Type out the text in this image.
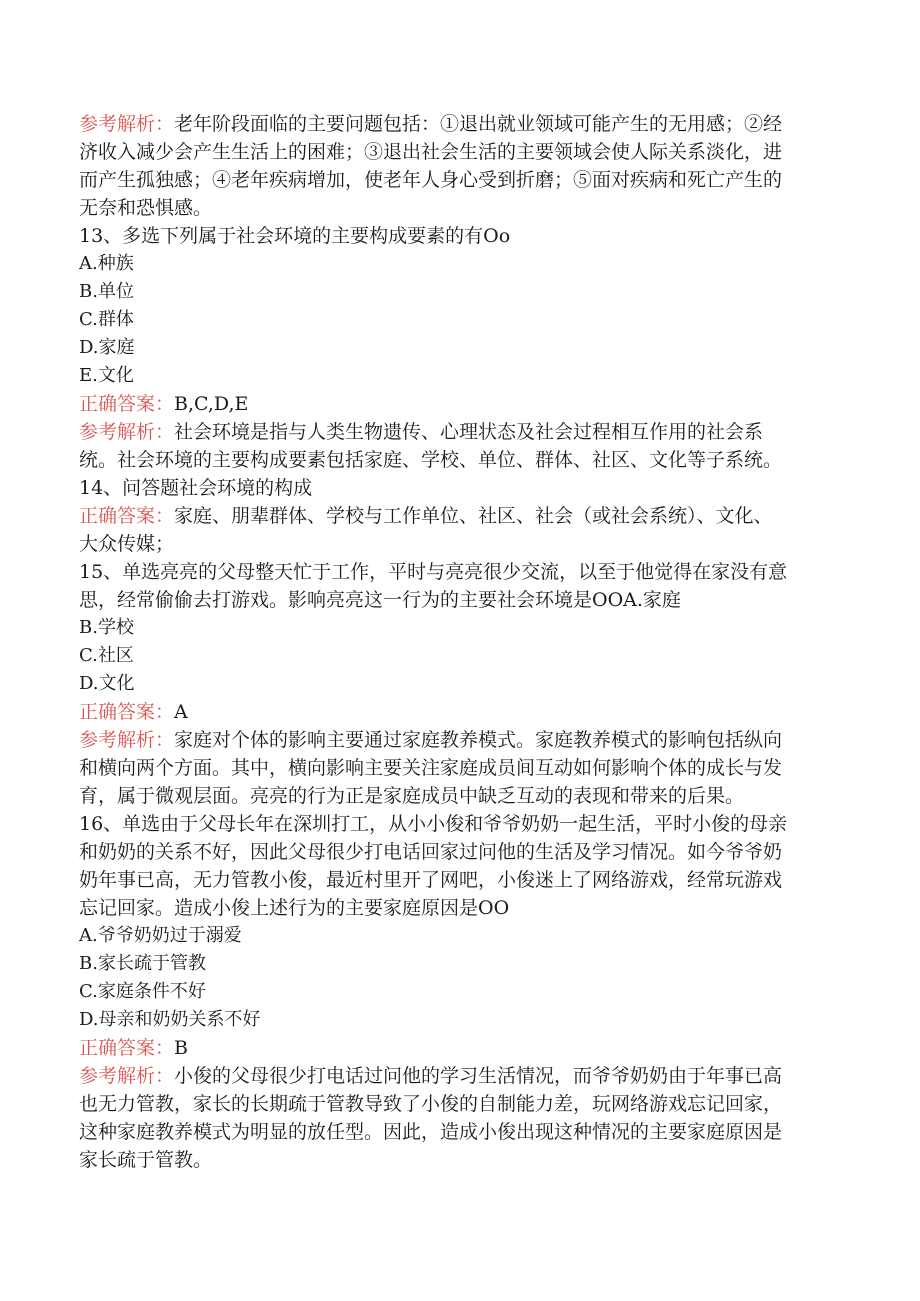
参考解析：老年阶段面临的主要问题包括：①退出就业领域可能产生的无用感；②经
济收入减少会产生生活上的困难；③退出社会生活的主要领域会使人际关系淡化，进
而产生孤独感；④老年疾病增加，使老年人身心受到折磨；⑤面对疾病和死亡产生的
无奈和恐惧感。
13、多选下列属于社会环境的主要构成要素的有Oo
A.种族
B.单位
C.群体
D.家庭
E.文化
正确答案：B,C,D,E
参考解析：社会环境是指与人类生物遗传、心理状态及社会过程相互作用的社会系
统。社会环境的主要构成要素包括家庭、学校、单位、群体、社区、文化等子系统。
14、问答题社会环境的构成
正确答案：家庭、朋辈群体、学校与工作单位、社区、社会（或社会系统）、文化、
大众传媒；
15、单选亮亮的父母整天忙于工作，平时与亮亮很少交流，以至于他觉得在家没有意
思，经常偷偷去打游戏。影响亮亮这一行为的主要社会环境是OOA.家庭
B.学校
C.社区
D.文化
正确答案：A
参考解析：家庭对个体的影响主要通过家庭教养模式。家庭教养模式的影响包括纵向
和横向两个方面。其中，横向影响主要关注家庭成员间互动如何影响个体的成长与发
育，属于微观层面。亮亮的行为正是家庭成员中缺乏互动的表现和带来的后果。
16、单选由于父母长年在深圳打工，从小小俊和爷爷奶奶一起生活，平时小俊的母亲
和奶奶的关系不好，因此父母很少打电话回家过问他的生活及学习情况。如今爷爷奶
奶年事已高，无力管教小俊，最近村里开了网吧，小俊迷上了网络游戏，经常玩游戏
忘记回家。造成小俊上述行为的主要家庭原因是OO
A.爷爷奶奶过于溺爱
B.家长疏于管教
C.家庭条件不好
D.母亲和奶奶关系不好
正确答案：B
参考解析：小俊的父母很少打电话过问他的学习生活情况，而爷爷奶奶由于年事已高
也无力管教，家长的长期疏于管教导致了小俊的自制能力差，玩网络游戏忘记回家，
这种家庭教养模式为明显的放任型。因此，造成小俊出现这种情况的主要家庭原因是
家长疏于管教。
